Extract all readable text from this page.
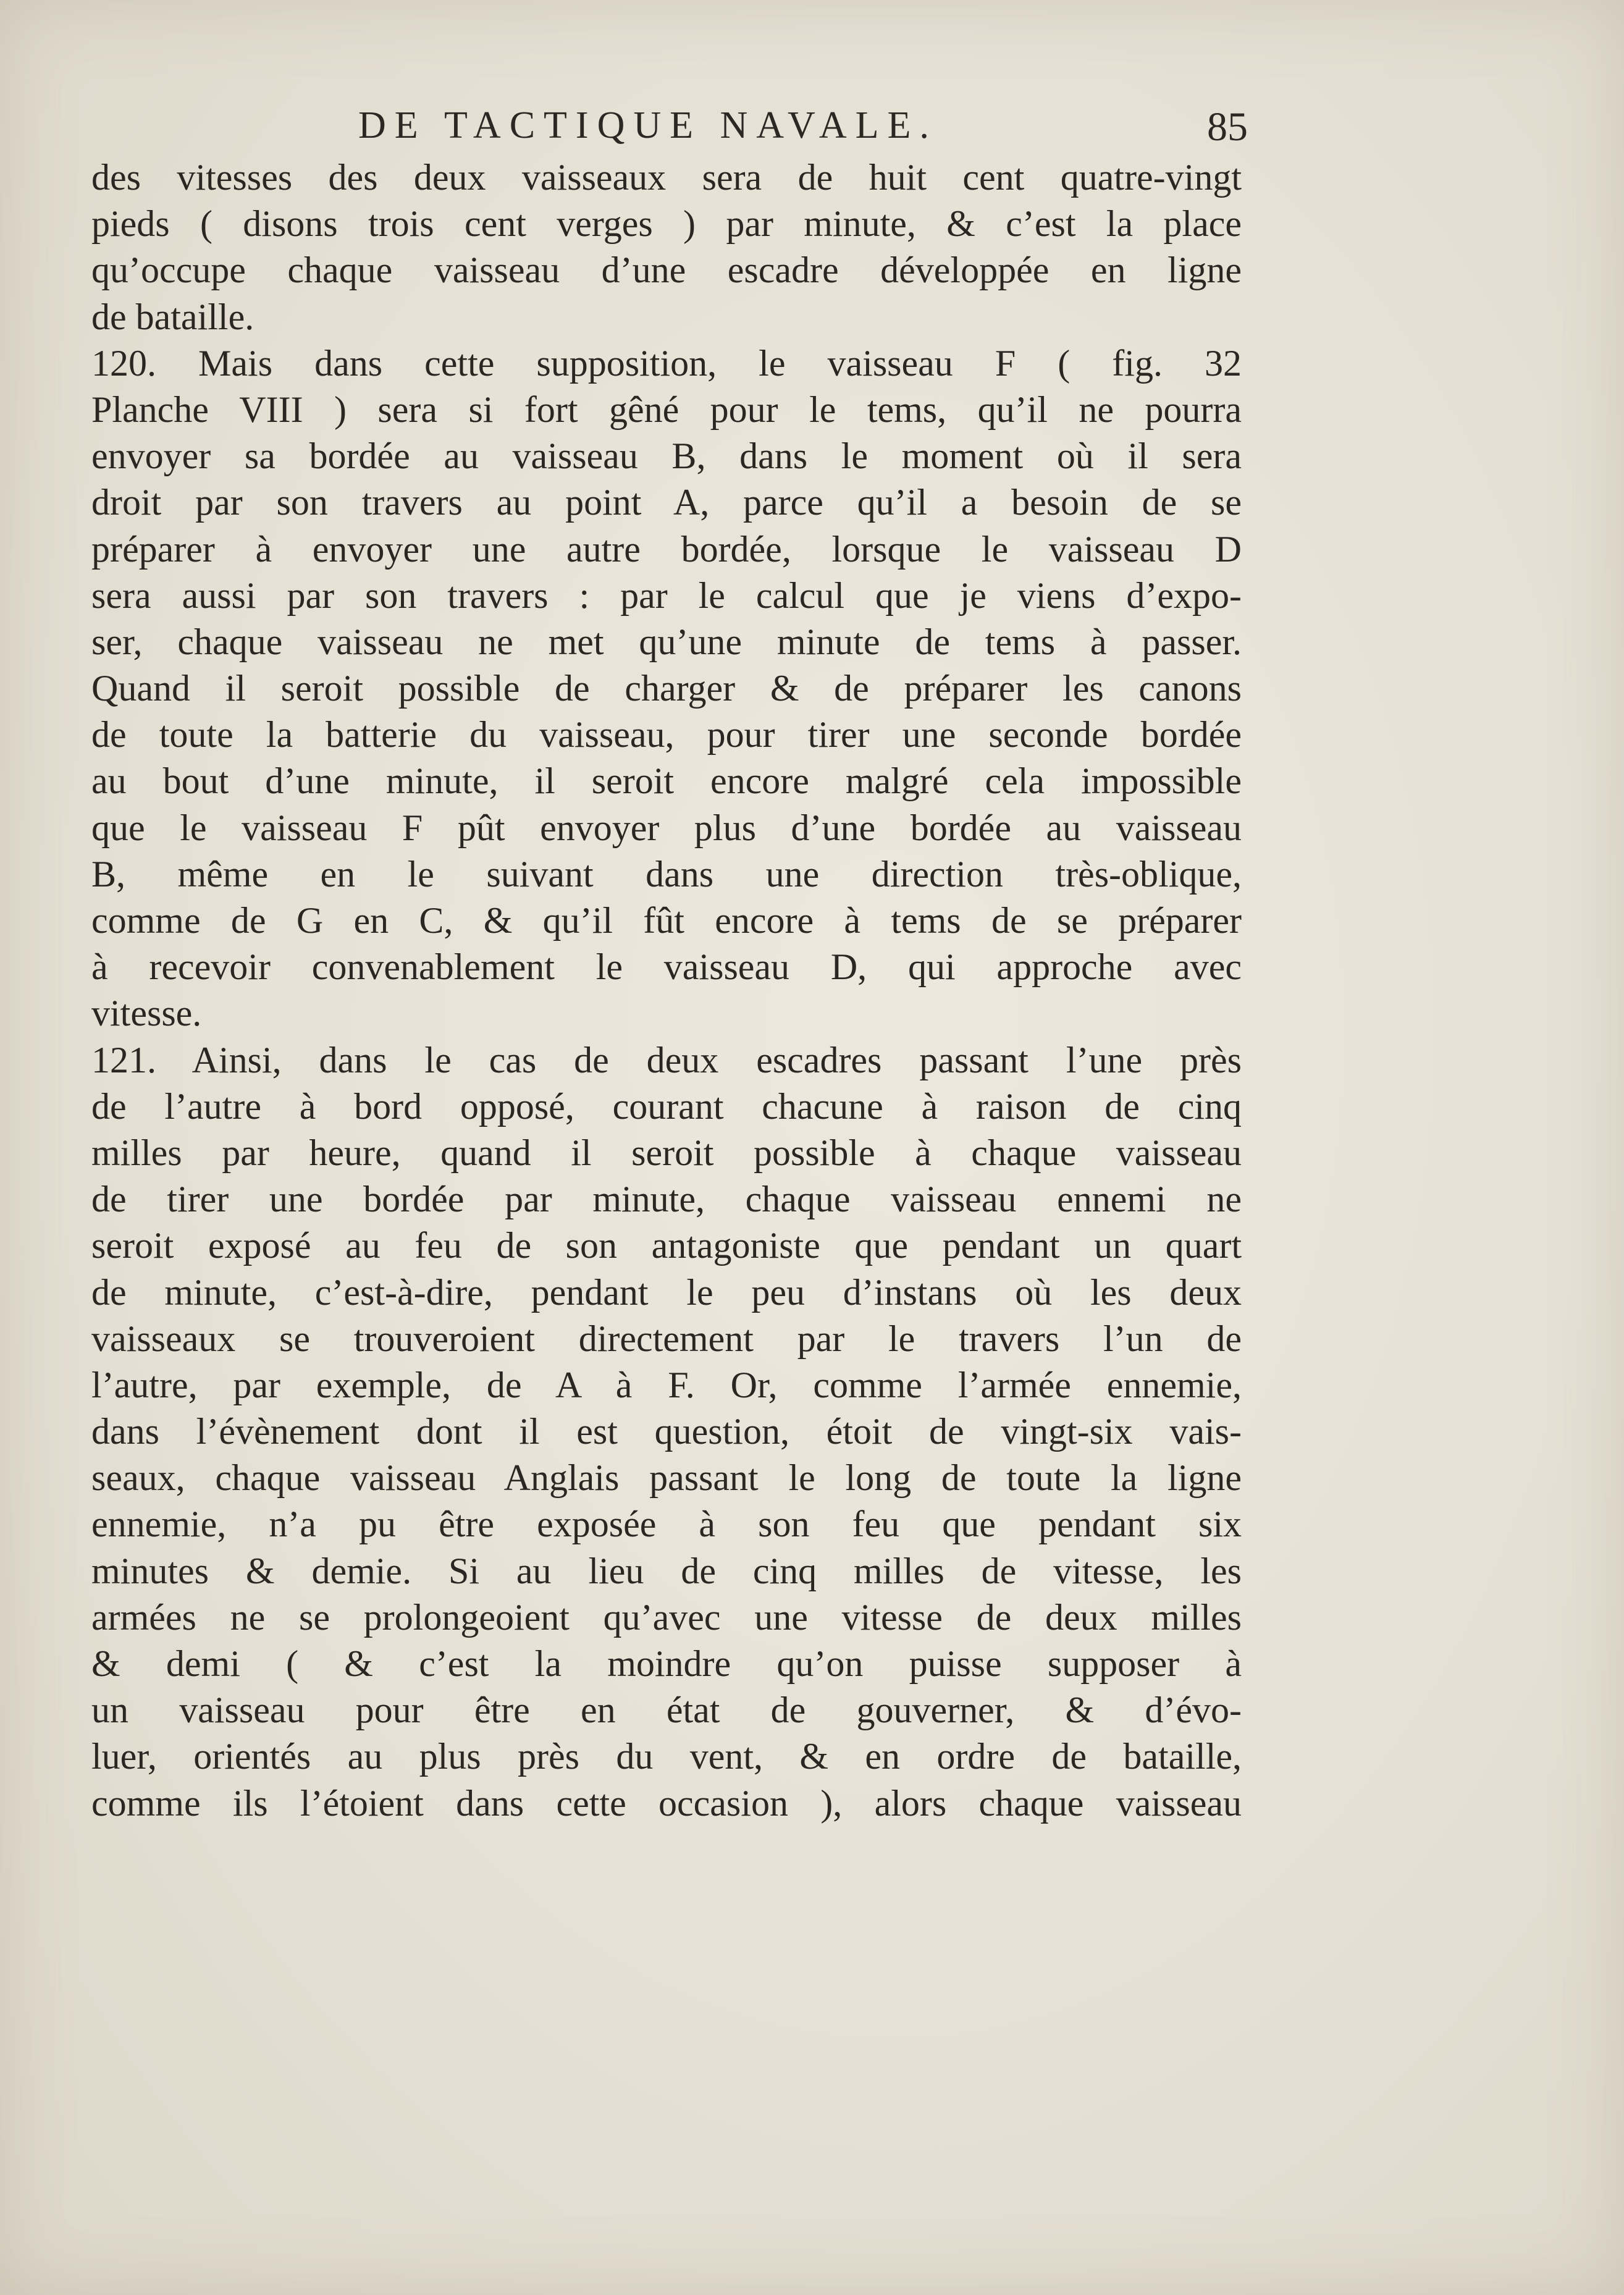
DE TACTIQUE NAVALE.	85
des vitesses des deux vaisseaux sera de huit cent quatre-vingt
pieds ( disons trois cent verges ) par minute, & c’est la place
qu’occupe chaque vaisseau d’une escadre développée en ligne
de bataille.
120. Mais dans cette supposition, le vaisseau F ( fig. 32
Planche VIII ) sera si fort gêné pour le tems, qu’il ne pourra
envoyer sa bordée au vaisseau B, dans le moment où il sera
droit par son travers au point A, parce qu’il a besoin de se
préparer à envoyer une autre bordée, lorsque le vaisseau D
sera aussi par son travers : par le calcul que je viens d’expo-
ser, chaque vaisseau ne met qu’une minute de tems à passer.
Quand il seroit possible de charger & de préparer les canons
de toute la batterie du vaisseau, pour tirer une seconde bordée
au bout d’une minute, il seroit encore malgré cela impossible
que le vaisseau F pût envoyer plus d’une bordée au vaisseau
B, même en le suivant dans une direction très-oblique,
comme de G en C, & qu’il fût encore à tems de se préparer
à recevoir convenablement le vaisseau D, qui approche avec
vitesse.
121. Ainsi, dans le cas de deux escadres passant l’une près
de l’autre à bord opposé, courant chacune à raison de cinq
milles par heure, quand il seroit possible à chaque vaisseau
de tirer une bordée par minute, chaque vaisseau ennemi ne
seroit exposé au feu de son antagoniste que pendant un quart
de minute, c’est-à-dire, pendant le peu d’instans où les deux
vaisseaux se trouveroient directement par le travers l’un de
l’autre, par exemple, de A à F. Or, comme l’armée ennemie,
dans l’évènement dont il est question, étoit de vingt-six vais-
seaux, chaque vaisseau Anglais passant le long de toute la ligne
ennemie, n’a pu être exposée à son feu que pendant six
minutes & demie. Si au lieu de cinq milles de vitesse, les
armées ne se prolongeoient qu’avec une vitesse de deux milles
& demi ( & c’est la moindre qu’on puisse supposer à
un vaisseau pour être en état de gouverner, & d’évo-
luer, orientés au plus près du vent, & en ordre de bataille,
comme ils l’étoient dans cette occasion ), alors chaque vaisseau
